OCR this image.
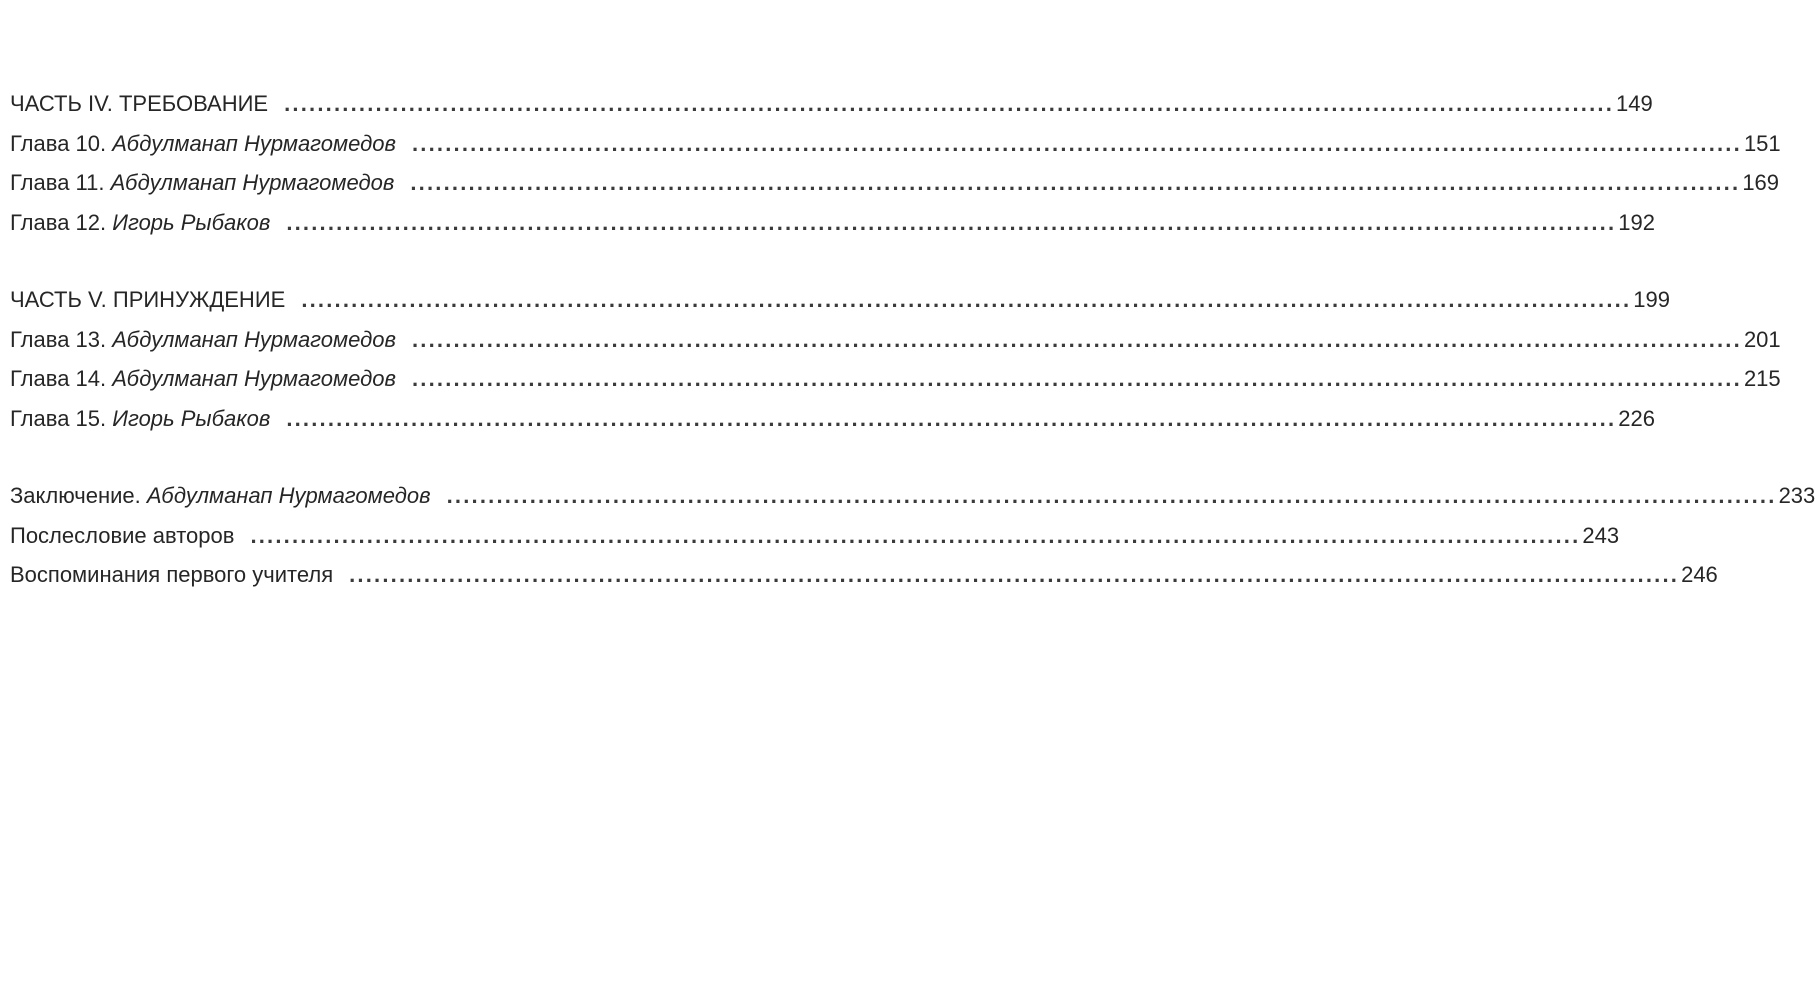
ЧАСТЬ IV. ТРЕБОВАНИЕ ................................................................................................................................................................ 149
Глава 10. Абдулманап Нурмагомедов ................................................................................................................................................................ 151
Глава 11. Абдулманап Нурмагомедов ................................................................................................................................................................ 169
Глава 12. Игорь Рыбаков ................................................................................................................................................................ 192
ЧАСТЬ V. ПРИНУЖДЕНИЕ ................................................................................................................................................................ 199
Глава 13. Абдулманап Нурмагомедов ................................................................................................................................................................ 201
Глава 14. Абдулманап Нурмагомедов ................................................................................................................................................................ 215
Глава 15. Игорь Рыбаков ................................................................................................................................................................ 226
Заключение. Абдулманап Нурмагомедов ................................................................................................................................................................ 233
Послесловие авторов ................................................................................................................................................................ 243
Воспоминания первого учителя ................................................................................................................................................................ 246
